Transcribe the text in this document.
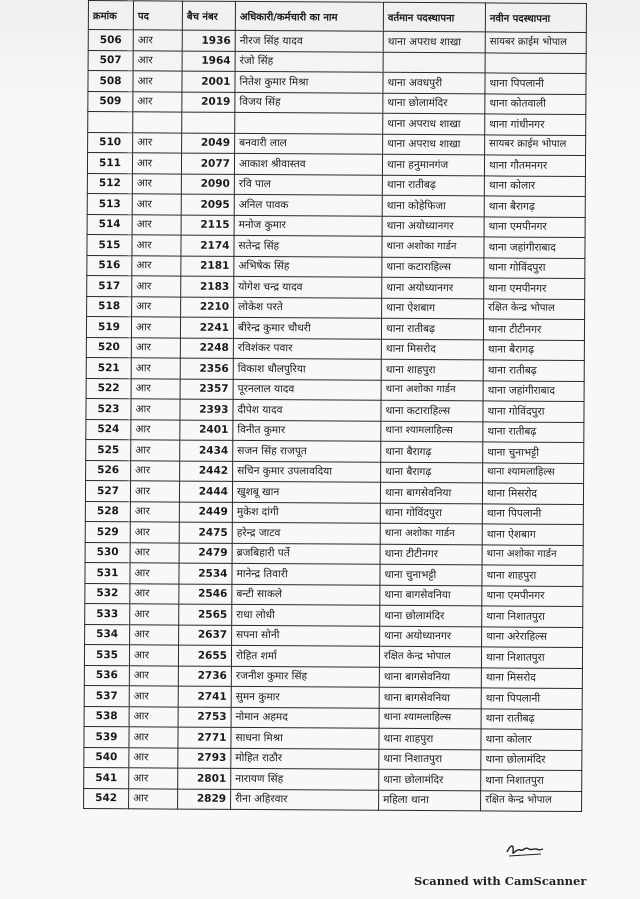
क्रमांक	पद	बैच नंबर	अधिकारी/कर्मचारी का नाम	वर्तमान पदस्थापना	नवीन पदस्थापना
506	आर	1936	नीरज सिंह यादव	थाना अपराध शाखा	सायबर क्राईम भोपाल
507	आर	1964	रंजो सिंह		
508	आर	2001	नितेश कुमार मिश्रा	थाना अवधपुरी	थाना पिपलानी
509	आर	2019	विजय सिंह	थाना छोलामंदिर	थाना कोतवाली
				थाना अपराध शाखा	थाना गांधीनगर
510	आर	2049	बनवारी लाल	थाना अपराध शाखा	सायबर क्राईम भोपाल
511	आर	2077	आकाश श्रीवास्तव	थाना हनुमानगंज	थाना गौतमनगर
512	आर	2090	रवि पाल	थाना रातीबढ़	थाना कोलार
513	आर	2095	अनिल पावक	थाना कोहेफिजा	थाना बैरागढ़
514	आर	2115	मनोज कुमार	थाना अयोध्यानगर	थाना एमपीनगर
515	आर	2174	सतेन्द्र सिंह	थाना अशोका गार्डन	थाना जहांगीराबाद
516	आर	2181	अभिषेक सिंह	थाना कटाराहिल्स	थाना गोविंदपुरा
517	आर	2183	योगेश चन्द्र यादव	थाना अयोध्यानगर	थाना एमपीनगर
518	आर	2210	लोकेश परते	थाना ऐशबाग	रक्षित केन्द्र भोपाल
519	आर	2241	बीरेन्द्र कुमार चौधरी	थाना रातीबढ़	थाना टीटीनगर
520	आर	2248	रविशंकर पवार	थाना मिसरोद	थाना बैरागढ़
521	आर	2356	विकाश धौलपुरिया	थाना शाहपुरा	थाना रातीबढ़
522	आर	2357	पूरनलाल यादव	थाना अशोका गार्डन	थाना जहांगीराबाद
523	आर	2393	दीपेश यादव	थाना कटाराहिल्स	थाना गोविंदपुरा
524	आर	2401	विनीत कुमार	थाना श्यामलाहिल्स	थाना रातीबढ़
525	आर	2434	सजन सिंह राजपूत	थाना बैरागढ़	थाना चुनाभट्टी
526	आर	2442	सचिन कुमार उपलावदिया	थाना बैरागढ़	थाना श्यामलाहिल्स
527	आर	2444	खुशबू खान	थाना बागसेवनिया	थाना मिसरोद
528	आर	2449	मुकेश दांगी	थाना गोविंदपुरा	थाना पिपलानी
529	आर	2475	हरेन्द्र जाटव	थाना अशोका गार्डन	थाना ऐशबाग
530	आर	2479	ब्रजबिहारी पर्ते	थाना टीटीनगर	थाना अशोका गार्डन
531	आर	2534	मानेन्द्र तिवारी	थाना चुनाभट्टी	थाना शाहपुरा
532	आर	2546	बन्टी साकले	थाना बागसेवनिया	थाना एमपीनगर
533	आर	2565	राधा लोधी	थाना छोलामंदिर	थाना निशातपुरा
534	आर	2637	सपना सोनी	थाना अयोध्यानगर	थाना अरेराहिल्स
535	आर	2655	रोहित शर्मा	रक्षित केन्द्र भोपाल	थाना निशातपुरा
536	आर	2736	रजनीश कुमार सिंह	थाना बागसेवनिया	थाना मिसरोद
537	आर	2741	सुमन कुमार	थाना बागसेवनिया	थाना पिपलानी
538	आर	2753	नोमान अहमद	थाना श्यामलाहिल्स	थाना रातीबढ़
539	आर	2771	साधना मिश्रा	थाना शाहपुरा	थाना कोलार
540	आर	2793	मोहित राठौर	थाना निशातपुरा	थाना छोलामंदिर
541	आर	2801	नारायण सिंह	थाना छोलामंदिर	थाना निशातपुरा
542	आर	2829	रीना अहिरवार	महिला थाना	रक्षित केन्द्र भोपाल
Scanned with CamScanner
